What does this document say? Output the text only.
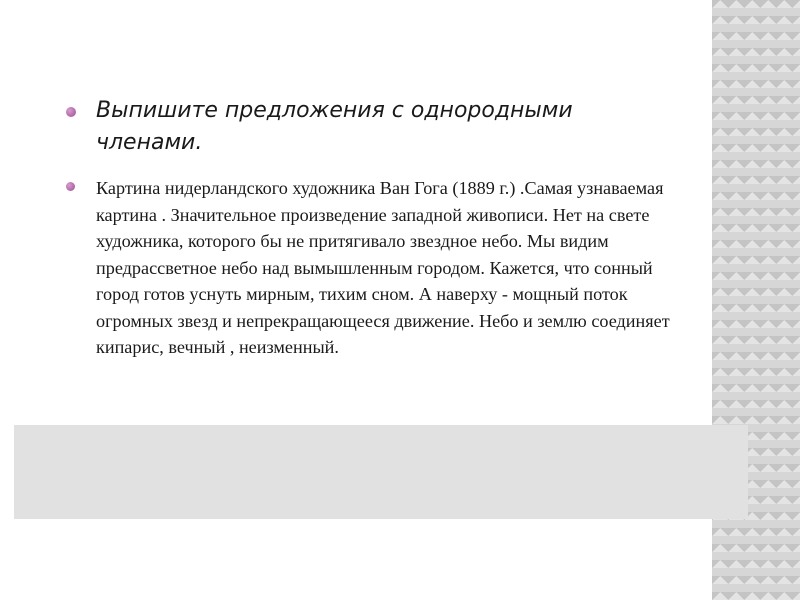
Выпишите предложения с однородными членами.
Картина нидерландского художника Ван Гога (1889 г.) .Самая узнаваемая картина . Значительное произведение западной живописи. Нет на свете художника, которого бы не притягивало звездное небо. Мы видим предрассветное небо над вымышленным городом. Кажется, что сонный город готов уснуть мирным, тихим сном. А наверху - мощный поток огромных звезд и непрекращающееся движение. Небо и землю соединяет кипарис, вечный , неизменный.
